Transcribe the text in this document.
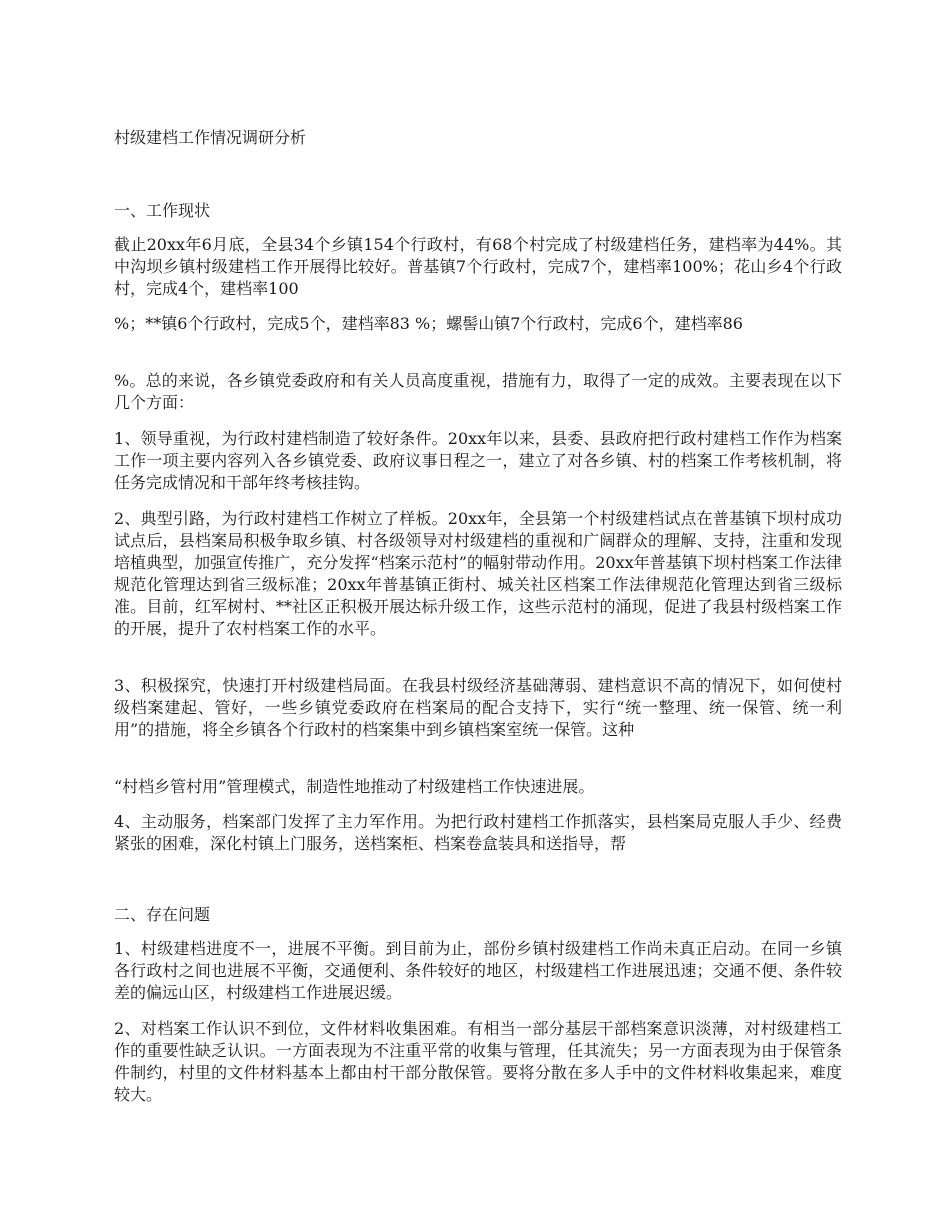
村级建档工作情况调研分析
一、工作现状

截止20xx年6月底，全县34个乡镇154个行政村，有68个村完成了村级建档任务，建档率为44%。其中沟坝乡镇村级建档工作开展得比较好。普基镇7个行政村，完成7个，建档率100%；花山乡4个行政村，完成4个，建档率100

%；**镇6个行政村，完成5个，建档率83 %；螺髻山镇7个行政村，完成6个，建档率86

%。总的来说，各乡镇党委政府和有关人员高度重视，措施有力，取得了一定的成效。主要表现在以下几个方面：

1、领导重视，为行政村建档制造了较好条件。20xx年以来，县委、县政府把行政村建档工作作为档案工作一项主要内容列入各乡镇党委、政府议事日程之一，建立了对各乡镇、村的档案工作考核机制，将任务完成情况和干部年终考核挂钩。

2、典型引路，为行政村建档工作树立了样板。20xx年，全县第一个村级建档试点在普基镇下坝村成功试点后，县档案局积极争取乡镇、村各级领导对村级建档的重视和广阔群众的理解、支持，注重和发现培植典型，加强宣传推广，充分发挥“档案示范村”的幅射带动作用。20xx年普基镇下坝村档案工作法律规范化管理达到省三级标准；20xx年普基镇正街村、城关社区档案工作法律规范化管理达到省三级标准。目前，红军树村、**社区正积极开展达标升级工作，这些示范村的涌现，促进了我县村级档案工作的开展，提升了农村档案工作的水平。

3、积极探究，快速打开村级建档局面。在我县村级经济基础薄弱、建档意识不高的情况下，如何使村级档案建起、管好，一些乡镇党委政府在档案局的配合支持下，实行“统一整理、统一保管、统一利用”的措施，将全乡镇各个行政村的档案集中到乡镇档案室统一保管。这种

“村档乡管村用”管理模式，制造性地推动了村级建档工作快速进展。

4、主动服务，档案部门发挥了主力军作用。为把行政村建档工作抓落实，县档案局克服人手少、经费紧张的困难，深化村镇上门服务，送档案柜、档案卷盒装具和送指导，帮

二、存在问题

1、村级建档进度不一，进展不平衡。到目前为止，部份乡镇村级建档工作尚未真正启动。在同一乡镇各行政村之间也进展不平衡，交通便利、条件较好的地区，村级建档工作进展迅速；交通不便、条件较差的偏远山区，村级建档工作进展迟缓。

2、对档案工作认识不到位，文件材料收集困难。有相当一部分基层干部档案意识淡薄，对村级建档工作的重要性缺乏认识。一方面表现为不注重平常的收集与管理，任其流失；另一方面表现为由于保管条件制约，村里的文件材料基本上都由村干部分散保管。要将分散在多人手中的文件材料收集起来，难度较大。
